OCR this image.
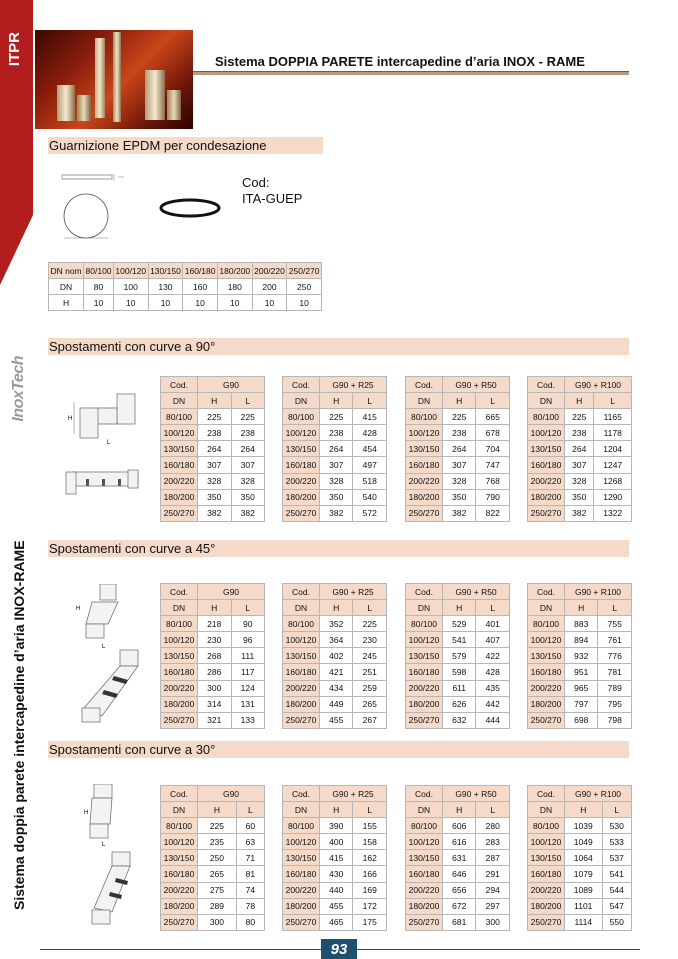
ITPR	Sistema DOPPIA PARETE intercapedine d’aria INOX - RAME
Guarnizione EPDM per condesazione
Cod:
ITA-GUEP
DN nom	80/100	100/120	130/150	160/180	180/200	200/220	250/270
DN	80	100	130	160	180	200	250
H	10	10	10	10	10	10	10
InoxTech
Sistema doppia parete intercapedine d’aria INOX-RAME
Spostamenti con curve a 90°
Cod.	G90	
DN	H	L
80/100	225	225
100/120	238	238
130/150	264	264
160/180	307	307
200/220	328	328
180/200	350	350
250/270	382	382
Cod.	G90 + R25	
DN	H	L
80/100	225	415
100/120	238	428
130/150	264	454
160/180	307	497
200/220	328	518
180/200	350	540
250/270	382	572
Cod.	G90 + R50	
DN	H	L
80/100	225	665
100/120	238	678
130/150	264	704
160/180	307	747
200/220	328	768
180/200	350	790
250/270	382	822
Cod.	G90 + R100	
DN	H	L
80/100	225	1165
100/120	238	1178
130/150	264	1204
160/180	307	1247
200/220	328	1268
180/200	350	1290
250/270	382	1322
Spostamenti con curve a 45°
Cod.	G90	
DN	H	L
80/100	218	90
100/120	230	96
130/150	268	111
160/180	286	117
200/220	300	124
180/200	314	131
250/270	321	133
Cod.	G90 + R25	
DN	H	L
80/100	352	225
100/120	364	230
130/150	402	245
160/180	421	251
200/220	434	259
180/200	449	265
250/270	455	267
Cod.	G90 + R50	
DN	H	L
80/100	529	401
100/120	541	407
130/150	579	422
160/180	598	428
200/220	611	435
180/200	626	442
250/270	632	444
Cod.	G90 + R100	
DN	H	L
80/100	883	755
100/120	894	761
130/150	932	776
160/180	951	781
200/220	965	789
180/200	797	795
250/270	698	798
Spostamenti con curve a 30°
Cod.	G90	
DN	H	L
80/100	225	60
100/120	235	63
130/150	250	71
160/180	265	81
200/220	275	74
180/200	289	78
250/270	300	80
Cod.	G90 + R25	
DN	H	L
80/100	390	155
100/120	400	158
130/150	415	162
160/180	430	166
200/220	440	169
180/200	455	172
250/270	465	175
Cod.	G90 + R50	
DN	H	L
80/100	606	280
100/120	616	283
130/150	631	287
160/180	646	291
200/220	656	294
180/200	672	297
250/270	681	300
Cod.	G90 + R100	
DN	H	L
80/100	1039	530
100/120	1049	533
130/150	1064	537
160/180	1079	541
200/220	1089	544
180/200	1101	547
250/270	1114	550
H
L
H
L
H
L
93
